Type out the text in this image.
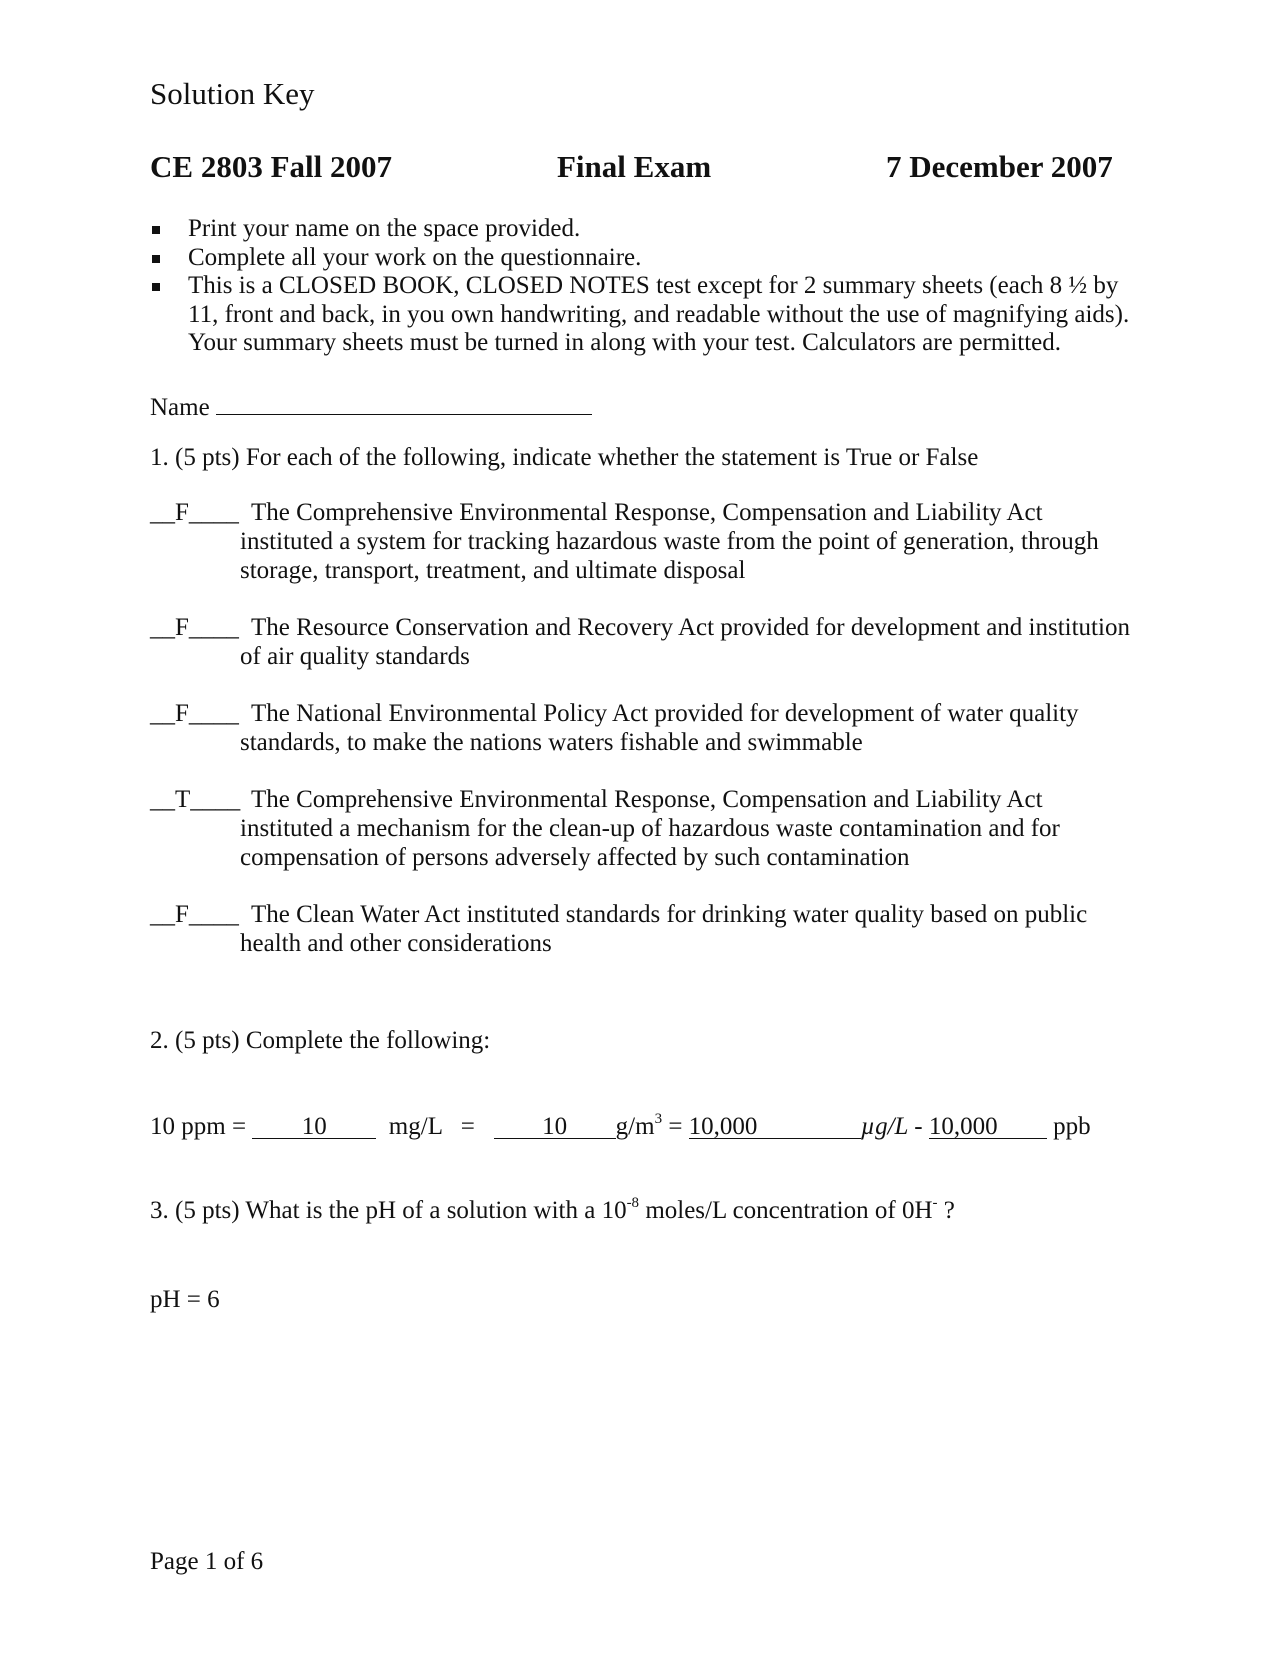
Solution Key
CE 2803 Fall 2007	Final Exam	7 December 2007
Print your name on the space provided.
Complete all your work on the questionnaire.
This is a CLOSED BOOK, CLOSED NOTES test except for 2 summary sheets (each 8 ½ by 11, front and back, in you own handwriting, and readable without the use of magnifying aids). Your summary sheets must be turned in along with your test. Calculators are permitted.
Name
1. (5 pts) For each of the following, indicate whether the statement is True or False
__F____ The Comprehensive Environmental Response, Compensation and Liability Act instituted a system for tracking hazardous waste from the point of generation, through storage, transport, treatment, and ultimate disposal
__F____ The Resource Conservation and Recovery Act provided for development and institution of air quality standards
__F____ The National Environmental Policy Act provided for development of water quality standards, to make the nations waters fishable and swimmable
__T____ The Comprehensive Environmental Response, Compensation and Liability Act instituted a mechanism for the clean-up of hazardous waste contamination and for compensation of persons adversely affected by such contamination
__F____ The Clean Water Act instituted standards for drinking water quality based on public health and other considerations
2. (5 pts) Complete the following:
10 ppm = 10 mg/L =	10 $g/m^3 = 10,000$	µg/L - 10,000 ppb
3. (5 pts) What is the pH of a solution with a $10^{-8}$ moles/L concentration of 0H- ?
pH = 6
Page 1 of 6
